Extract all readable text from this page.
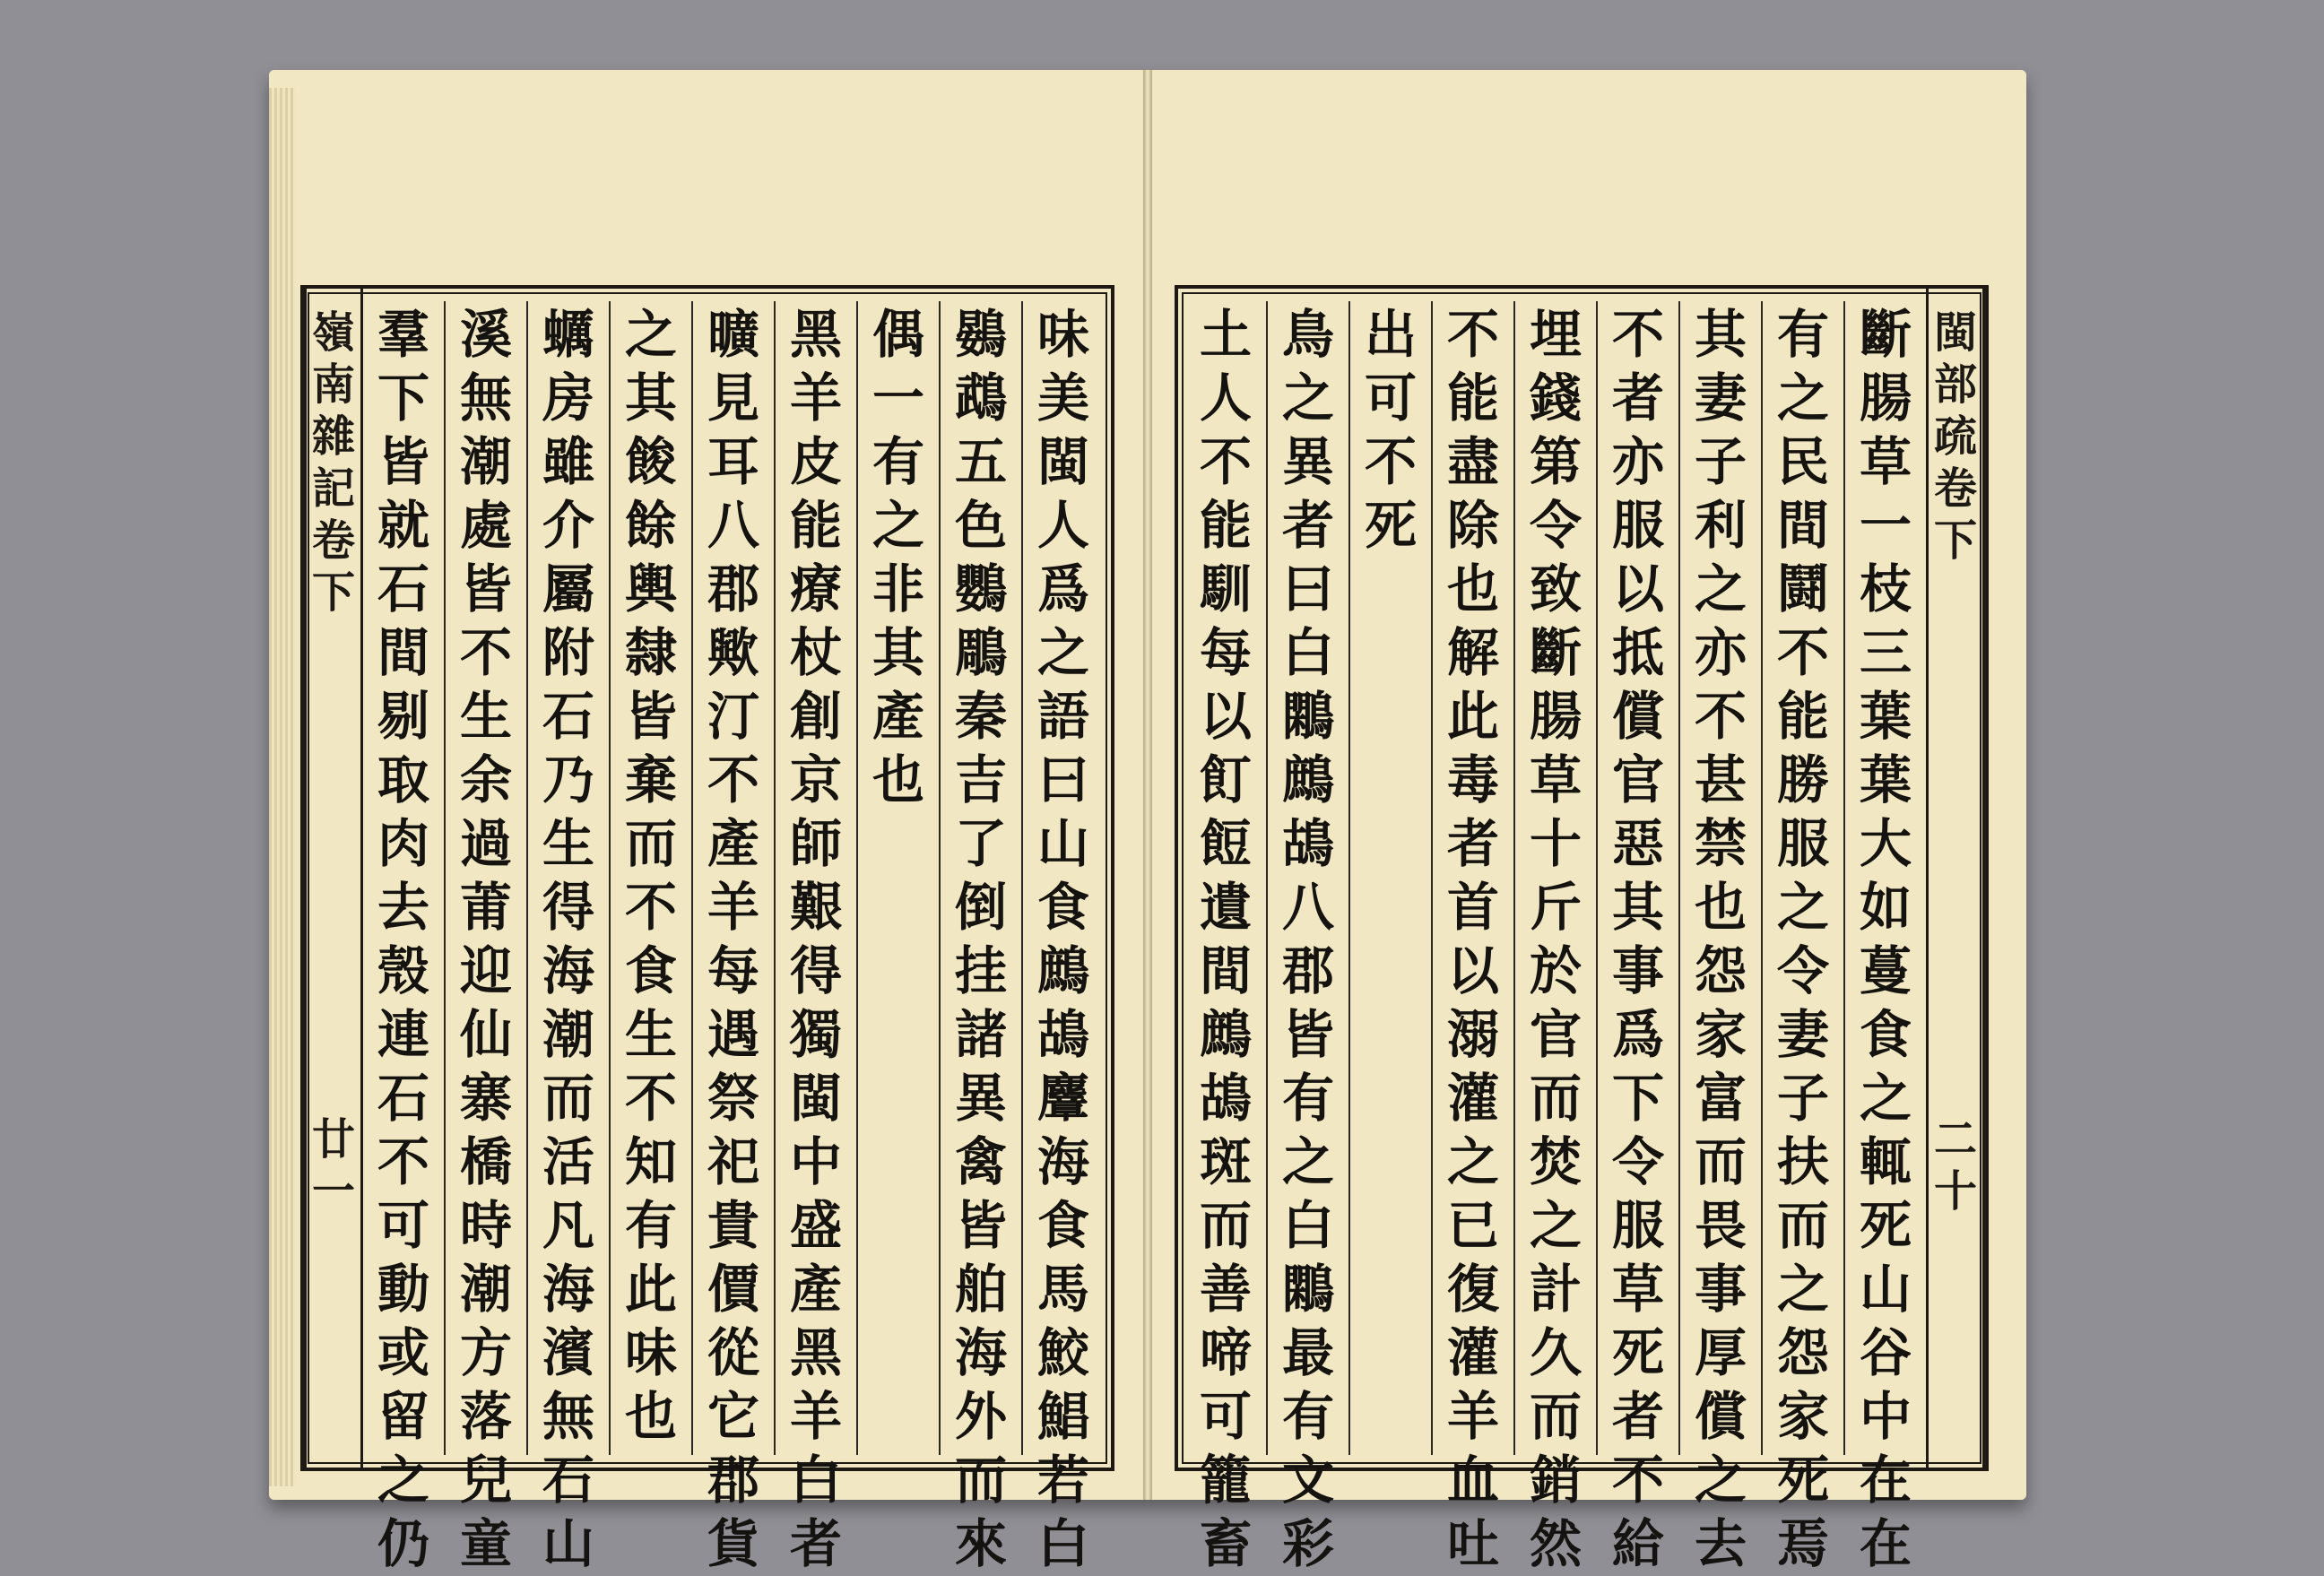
嶺
南
雜
記
卷
下
廿
一
味
美
閩
人
爲
之
語
曰
山
食
鷓
鴣
麞
海
食
馬
鮫
鯧
若
白
鷃
鵡
五
色
鸚
鵰
秦
吉
了
倒
挂
諸
異
禽
皆
舶
海
外
而
來
偶
一
有
之
非
其
產
也
黑
羊
皮
能
療
杖
創
京
師
艱
得
獨
閩
中
盛
產
黑
羊
白
者
曠
見
耳
八
郡
歟
汀
不
產
羊
每
遇
祭
祀
貴
價
從
它
郡
貨
之
其
餕
餘
輿
隸
皆
棄
而
不
食
生
不
知
有
此
味
也
蠣
房
雖
介
屬
附
石
乃
生
得
海
潮
而
活
凡
海
濱
無
石
山
溪
無
潮
處
皆
不
生
余
過
莆
迎
仙
寨
橋
時
潮
方
落
兒
童
羣
下
皆
就
石
間
剔
取
肉
去
殼
連
石
不
可
動
或
留
之
仍
閩
部
疏
卷
下
二
十
斷
腸
草
一
枝
三
葉
葉
大
如
蔓
食
之
輒
死
山
谷
中
在
在
有
之
民
間
鬪
不
能
勝
服
之
令
妻
子
扶
而
之
怨
家
死
焉
其
妻
子
利
之
亦
不
甚
禁
也
怨
家
富
而
畏
事
厚
償
之
去
不
者
亦
服
以
抵
償
官
惡
其
事
爲
下
令
服
草
死
者
不
給
埋
錢
第
令
致
斷
腸
草
十
斤
於
官
而
焚
之
計
久
而
銷
然
不
能
盡
除
也
解
此
毒
者
首
以
溺
灌
之
已
復
灌
羊
血
吐
出
可
不
死
鳥
之
異
者
曰
白
鷴
鷓
鴣
八
郡
皆
有
之
白
鷴
最
有
文
彩
土
人
不
能
馴
每
以
飣
餖
遺
間
鷓
鴣
斑
而
善
啼
可
籠
畜
